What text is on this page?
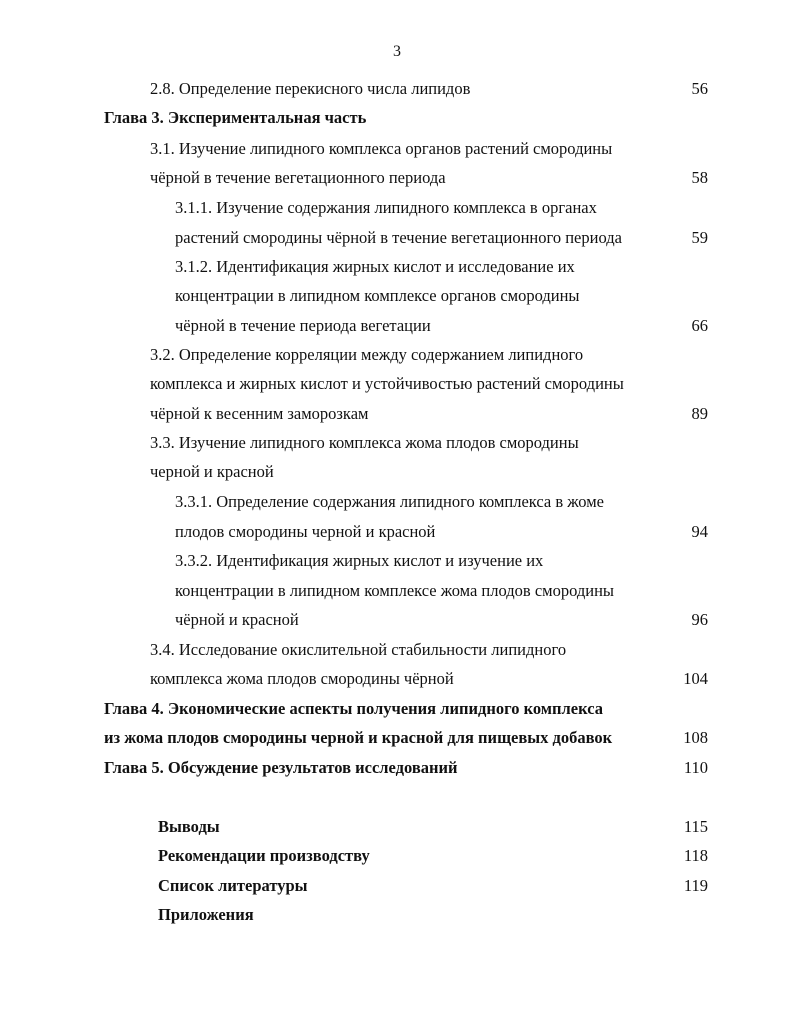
3
2.8. Определение перекисного числа липидов	56
Глава 3. Экспериментальная часть
3.1. Изучение липидного комплекса органов растений смородины
чёрной в течение вегетационного периода	58
3.1.1. Изучение содержания липидного комплекса в органах
растений смородины чёрной в течение вегетационного периода	59
3.1.2. Идентификация жирных кислот и исследование их
концентрации в липидном комплексе органов смородины
чёрной в течение периода вегетации	66
3.2. Определение корреляции между содержанием липидного
комплекса и жирных кислот и устойчивостью растений смородины
чёрной к весенним заморозкам	89
3.3. Изучение липидного комплекса жома плодов смородины
черной и красной
3.3.1. Определение содержания липидного комплекса в жоме
плодов смородины черной и красной	94
3.3.2. Идентификация жирных кислот и изучение их
концентрации в липидном комплексе жома плодов смородины
чёрной и красной	96
3.4. Исследование окислительной стабильности липидного
комплекса жома плодов смородины чёрной	104
Глава 4. Экономические аспекты получения липидного комплекса
из жома плодов смородины черной и красной для пищевых добавок	108
Глава 5. Обсуждение результатов исследований	110
Выводы	115
Рекомендации производству	118
Список литературы	119
Приложения
